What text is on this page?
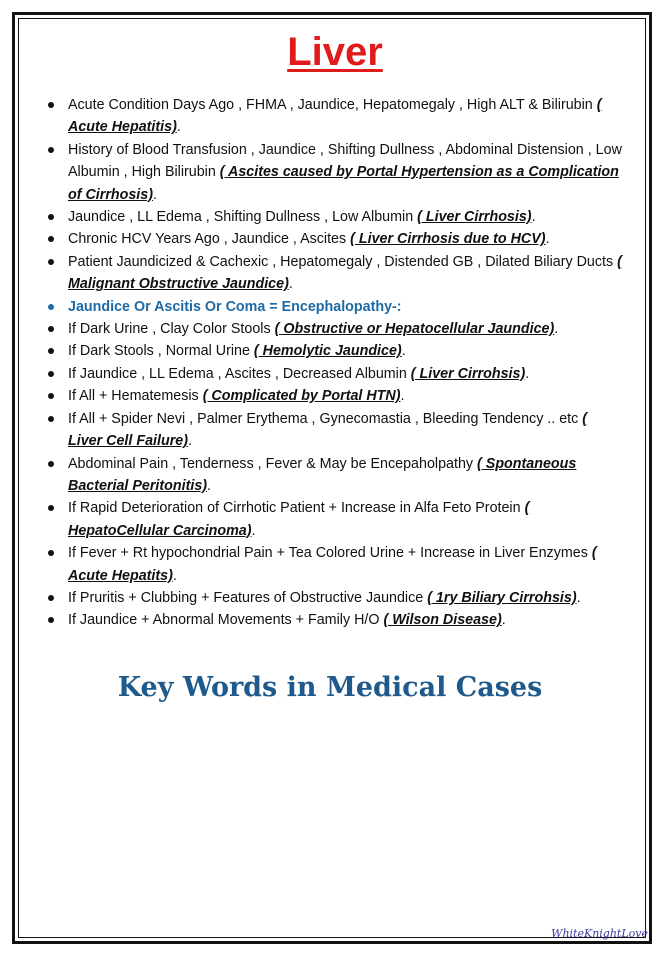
Liver
Acute Condition Days Ago , FHMA , Jaundice, Hepatomegaly , High ALT & Bilirubin ( Acute Hepatitis).
History of Blood Transfusion , Jaundice , Shifting Dullness , Abdominal Distension , Low Albumin , High Bilirubin ( Ascites caused by Portal Hypertension as a Complication of Cirrhosis).
Jaundice , LL Edema , Shifting Dullness , Low Albumin ( Liver Cirrhosis).
Chronic HCV Years Ago , Jaundice , Ascites ( Liver Cirrhosis due to HCV).
Patient Jaundicized & Cachexic , Hepatomegaly , Distended GB , Dilated Biliary Ducts ( Malignant Obstructive Jaundice).
Jaundice Or Ascitis Or Coma = Encephalopathy-:
If Dark Urine , Clay Color Stools ( Obstructive or Hepatocellular Jaundice).
If Dark Stools , Normal Urine ( Hemolytic Jaundice).
If Jaundice , LL Edema , Ascites , Decreased Albumin ( Liver Cirrohsis).
If All + Hematemesis ( Complicated by Portal HTN).
If All + Spider Nevi , Palmer Erythema , Gynecomastia , Bleeding Tendency .. etc ( Liver Cell Failure).
Abdominal Pain , Tenderness , Fever & May be Encepaholpathy ( Spontaneous Bacterial Peritonitis).
If Rapid Deterioration of Cirrhotic Patient + Increase in Alfa Feto Protein ( HepatoCellular Carcinoma).
If Fever + Rt hypochondrial Pain + Tea Colored Urine + Increase in Liver Enzymes ( Acute Hepatits).
If Pruritis + Clubbing + Features of Obstructive Jaundice ( 1ry Biliary Cirrohsis).
If Jaundice + Abnormal Movements + Family H/O ( Wilson Disease).
Key Words in Medical Cases
WhiteKnightLove
